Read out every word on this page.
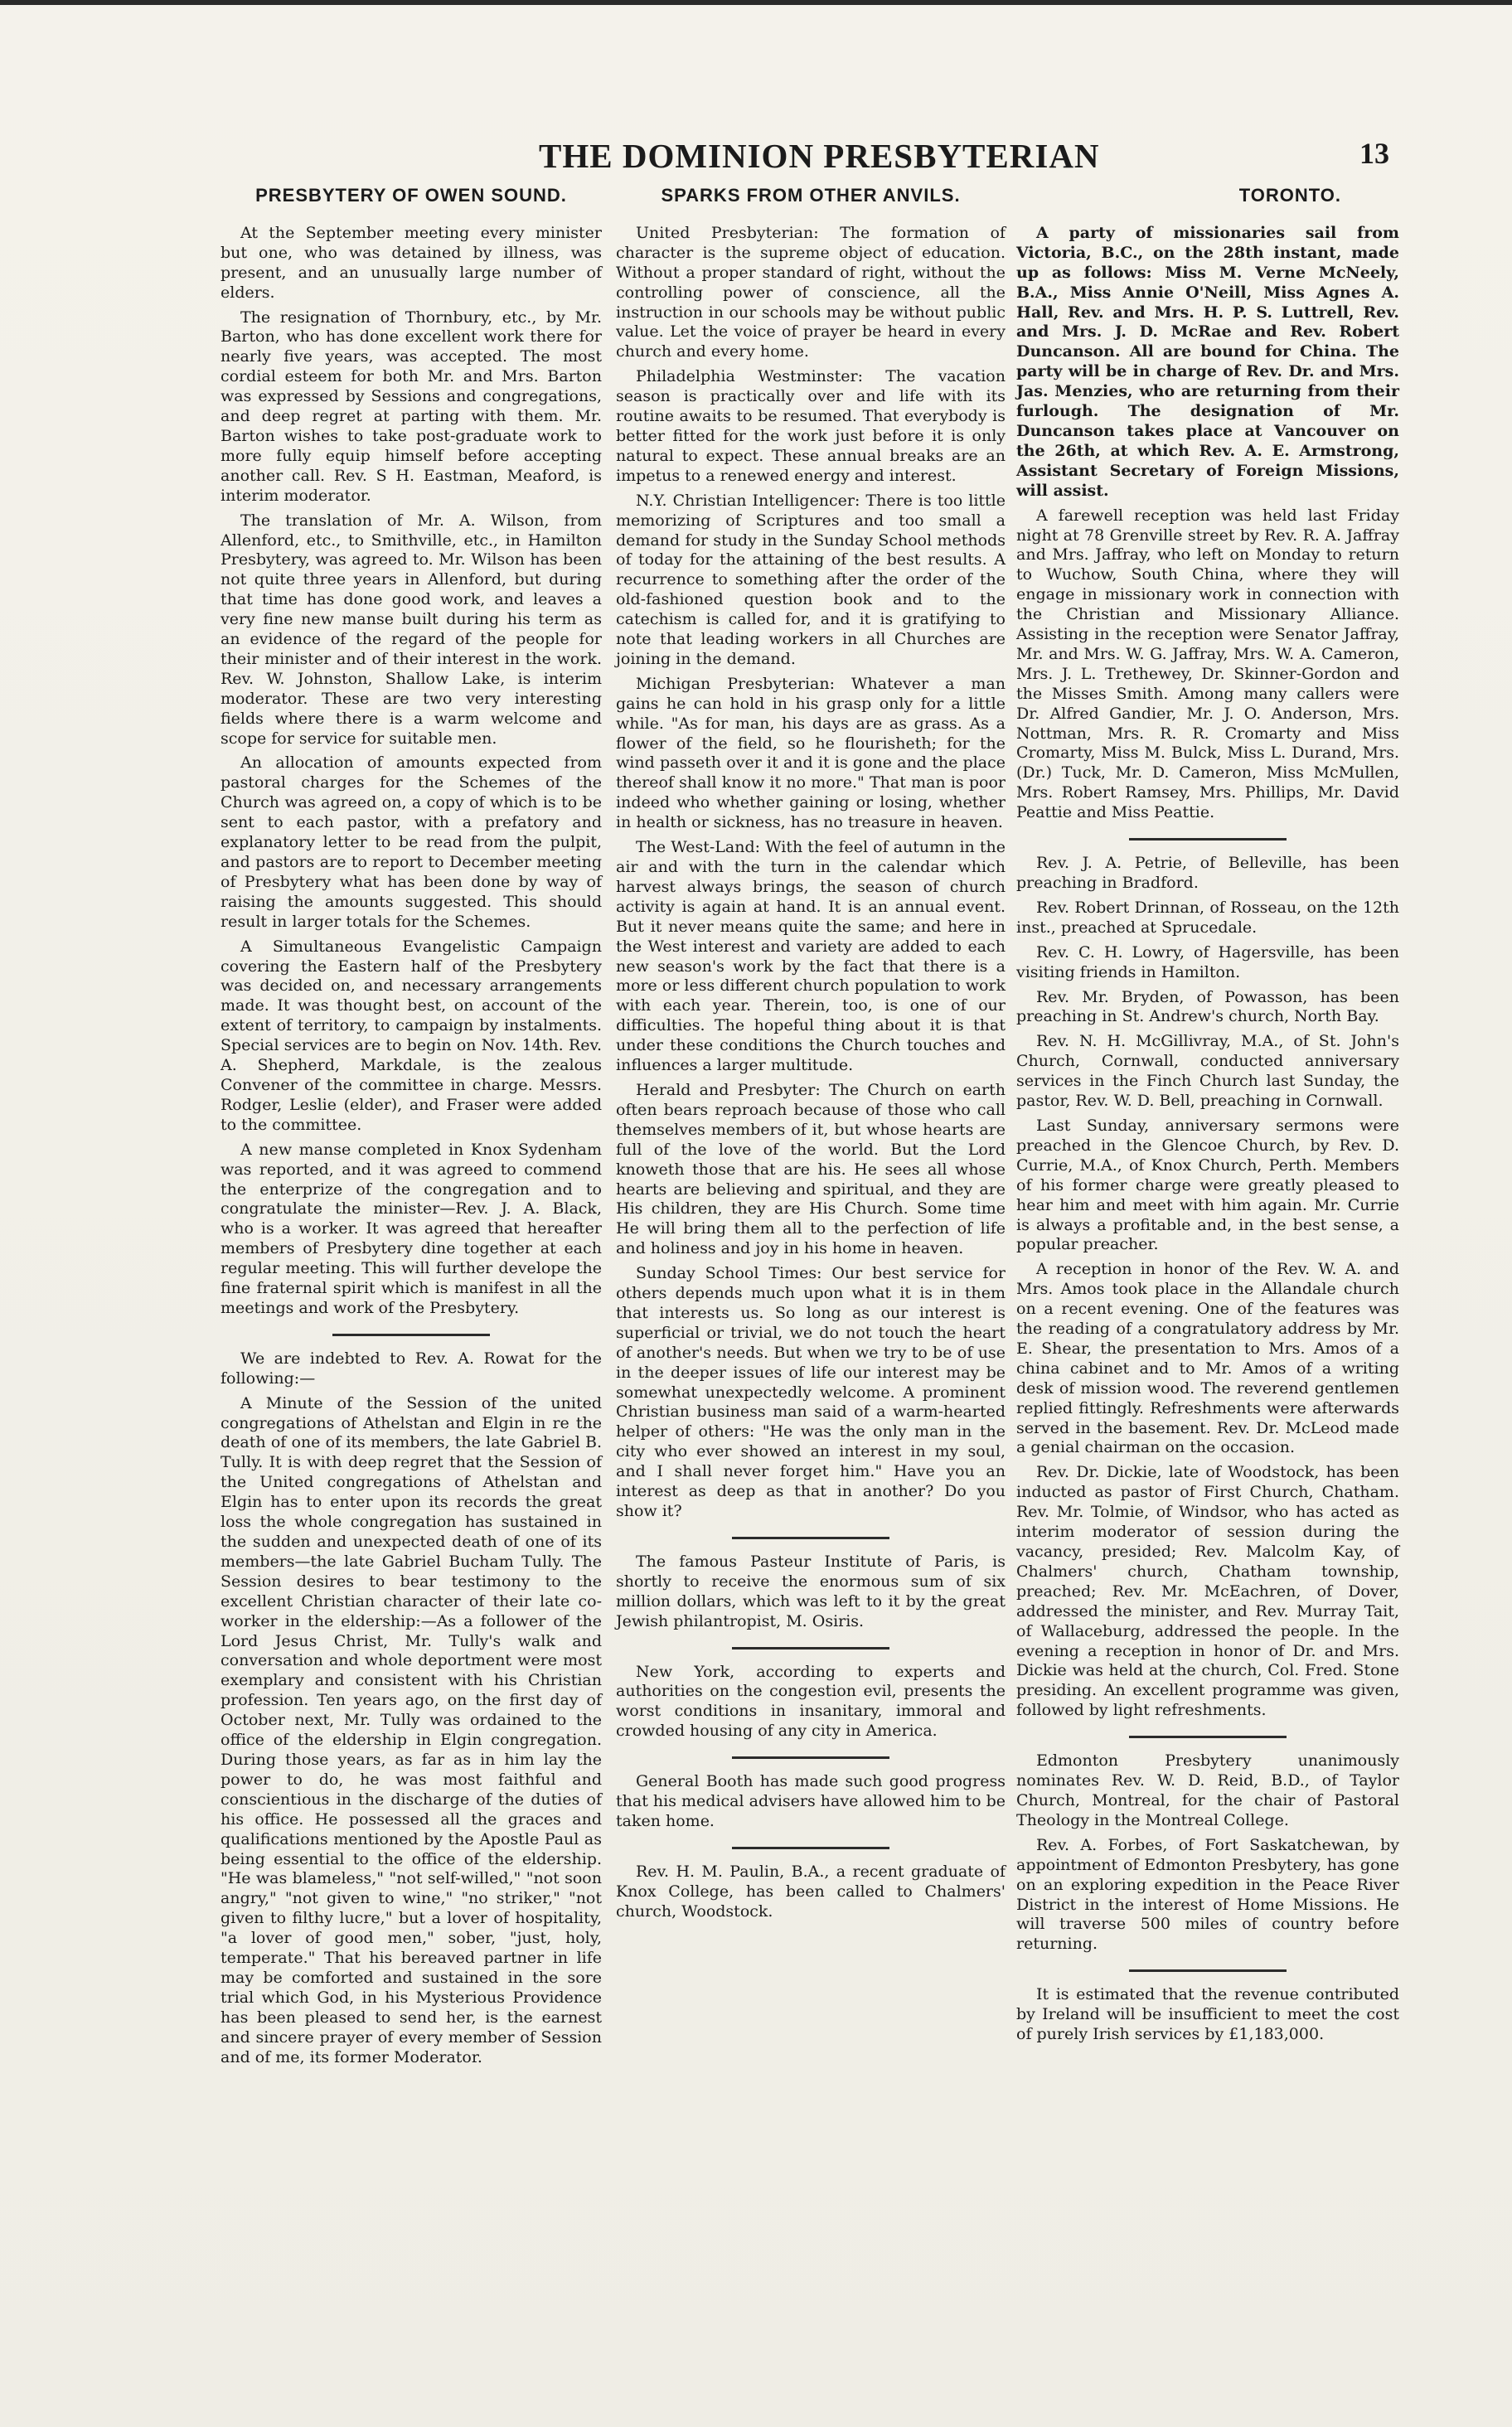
THE DOMINION PRESBYTERIAN	13
PRESBYTERY OF OWEN SOUND.

At the September meeting every minister but one, who was detained by illness, was present, and an unusually large number of elders.

The resignation of Thornbury, etc., by Mr. Barton, who has done excellent work there for nearly five years, was accepted. The most cordial esteem for both Mr. and Mrs. Barton was expressed by Sessions and congregations, and deep regret at parting with them. Mr. Barton wishes to take post-graduate work to more fully equip himself before accepting another call. Rev. S H. Eastman, Meaford, is interim moderator.

The translation of Mr. A. Wilson, from Allenford, etc., to Smithville, etc., in Hamilton Presbytery, was agreed to. Mr. Wilson has been not quite three years in Allenford, but during that time has done good work, and leaves a very fine new manse built during his term as an evidence of the regard of the people for their minister and of their interest in the work. Rev. W. Johnston, Shallow Lake, is interim moderator. These are two very interesting fields where there is a warm welcome and scope for service for suitable men.

An allocation of amounts expected from pastoral charges for the Schemes of the Church was agreed on, a copy of which is to be sent to each pastor, with a prefatory and explanatory letter to be read from the pulpit, and pastors are to report to December meeting of Presbytery what has been done by way of raising the amounts suggested. This should result in larger totals for the Schemes.

A Simultaneous Evangelistic Campaign covering the Eastern half of the Presbytery was decided on, and necessary arrangements made. It was thought best, on account of the extent of territory, to campaign by instalments. Special services are to begin on Nov. 14th. Rev. A. Shepherd, Markdale, is the zealous Convener of the committee in charge. Messrs. Rodger, Leslie (elder), and Fraser were added to the committee.

A new manse completed in Knox Sydenham was reported, and it was agreed to commend the enterprize of the congregation and to congratulate the minister—Rev. J. A. Black, who is a worker. It was agreed that hereafter members of Presbytery dine together at each regular meeting. This will further develope the fine fraternal spirit which is manifest in all the meetings and work of the Presbytery.

We are indebted to Rev. A. Rowat for the following:—

A Minute of the Session of the united congregations of Athelstan and Elgin in re the death of one of its members, the late Gabriel B. Tully. It is with deep regret that the Session of the United congregations of Athelstan and Elgin has to enter upon its records the great loss the whole congregation has sustained in the sudden and unexpected death of one of its members—the late Gabriel Bucham Tully. The Session desires to bear testimony to the excellent Christian character of their late co-worker in the eldership:—As a follower of the Lord Jesus Christ, Mr. Tully's walk and conversation and whole deportment were most exemplary and consistent with his Christian profession. Ten years ago, on the first day of October next, Mr. Tully was ordained to the office of the eldership in Elgin congregation. During those years, as far as in him lay the power to do, he was most faithful and conscientious in the discharge of the duties of his office. He possessed all the graces and qualifications mentioned by the Apostle Paul as being essential to the office of the eldership. "He was blameless," "not self-willed," "not soon angry," "not given to wine," "no striker," "not given to filthy lucre," but a lover of hospitality, "a lover of good men," sober, "just, holy, temperate." That his bereaved partner in life may be comforted and sustained in the sore trial which God, in his Mysterious Providence has been pleased to send her, is the earnest and sincere prayer of every member of Session and of me, its former Moderator.

SPARKS FROM OTHER ANVILS.

United Presbyterian: The formation of character is the supreme object of education. Without a proper standard of right, without the controlling power of conscience, all the instruction in our schools may be without public value. Let the voice of prayer be heard in every church and every home.

Philadelphia Westminster: The vacation season is practically over and life with its routine awaits to be resumed. That everybody is better fitted for the work just before it is only natural to expect. These annual breaks are an impetus to a renewed energy and interest.

N.Y. Christian Intelligencer: There is too little memorizing of Scriptures and too small a demand for study in the Sunday School methods of today for the attaining of the best results. A recurrence to something after the order of the old-fashioned question book and to the catechism is called for, and it is gratifying to note that leading workers in all Churches are joining in the demand.

Michigan Presbyterian: Whatever a man gains he can hold in his grasp only for a little while. "As for man, his days are as grass. As a flower of the field, so he flourisheth; for the wind passeth over it and it is gone and the place thereof shall know it no more." That man is poor indeed who whether gaining or losing, whether in health or sickness, has no treasure in heaven.

The West-Land: With the feel of autumn in the air and with the turn in the calendar which harvest always brings, the season of church activity is again at hand. It is an annual event. But it never means quite the same; and here in the West interest and variety are added to each new season's work by the fact that there is a more or less different church population to work with each year. Therein, too, is one of our difficulties. The hopeful thing about it is that under these conditions the Church touches and influences a larger multitude.

Herald and Presbyter: The Church on earth often bears reproach because of those who call themselves members of it, but whose hearts are full of the love of the world. But the Lord knoweth those that are his. He sees all whose hearts are believing and spiritual, and they are His children, they are His Church. Some time He will bring them all to the perfection of life and holiness and joy in his home in heaven.

Sunday School Times: Our best service for others depends much upon what it is in them that interests us. So long as our interest is superficial or trivial, we do not touch the heart of another's needs. But when we try to be of use in the deeper issues of life our interest may be somewhat unexpectedly welcome. A prominent Christian business man said of a warm-hearted helper of others: "He was the only man in the city who ever showed an interest in my soul, and I shall never forget him." Have you an interest as deep as that in another? Do you show it?

The famous Pasteur Institute of Paris, is shortly to receive the enormous sum of six million dollars, which was left to it by the great Jewish philantropist, M. Osiris.

New York, according to experts and authorities on the congestion evil, presents the worst conditions in insanitary, immoral and crowded housing of any city in America.

General Booth has made such good progress that his medical advisers have allowed him to be taken home.

Rev. H. M. Paulin, B.A., a recent graduate of Knox College, has been called to Chalmers' church, Woodstock.

TORONTO.

A party of missionaries sail from Victoria, B.C., on the 28th instant, made up as follows: Miss M. Verne McNeely, B.A., Miss Annie O'Neill, Miss Agnes A. Hall, Rev. and Mrs. H. P. S. Luttrell, Rev. and Mrs. J. D. McRae and Rev. Robert Duncanson. All are bound for China. The party will be in charge of Rev. Dr. and Mrs. Jas. Menzies, who are returning from their furlough. The designation of Mr. Duncanson takes place at Vancouver on the 26th, at which Rev. A. E. Armstrong, Assistant Secretary of Foreign Missions, will assist.

A farewell reception was held last Friday night at 78 Grenville street by Rev. R. A. Jaffray and Mrs. Jaffray, who left on Monday to return to Wuchow, South China, where they will engage in missionary work in connection with the Christian and Missionary Alliance. Assisting in the reception were Senator Jaffray, Mr. and Mrs. W. G. Jaffray, Mrs. W. A. Cameron, Mrs. J. L. Trethewey, Dr. Skinner-Gordon and the Misses Smith. Among many callers were Dr. Alfred Gandier, Mr. J. O. Anderson, Mrs. Nottman, Mrs. R. R. Cromarty and Miss Cromarty, Miss M. Bulck, Miss L. Durand, Mrs. (Dr.) Tuck, Mr. D. Cameron, Miss McMullen, Mrs. Robert Ramsey, Mrs. Phillips, Mr. David Peattie and Miss Peattie.

Rev. J. A. Petrie, of Belleville, has been preaching in Bradford.

Rev. Robert Drinnan, of Rosseau, on the 12th inst., preached at Sprucedale.

Rev. C. H. Lowry, of Hagersville, has been visiting friends in Hamilton.

Rev. Mr. Bryden, of Powasson, has been preaching in St. Andrew's church, North Bay.

Rev. N. H. McGillivray, M.A., of St. John's Church, Cornwall, conducted anniversary services in the Finch Church last Sunday, the pastor, Rev. W. D. Bell, preaching in Cornwall.

Last Sunday, anniversary sermons were preached in the Glencoe Church, by Rev. D. Currie, M.A., of Knox Church, Perth. Members of his former charge were greatly pleased to hear him and meet with him again. Mr. Currie is always a profitable and, in the best sense, a popular preacher.

A reception in honor of the Rev. W. A. and Mrs. Amos took place in the Allandale church on a recent evening. One of the features was the reading of a congratulatory address by Mr. E. Shear, the presentation to Mrs. Amos of a china cabinet and to Mr. Amos of a writing desk of mission wood. The reverend gentlemen replied fittingly. Refreshments were afterwards served in the basement. Rev. Dr. McLeod made a genial chairman on the occasion.

Rev. Dr. Dickie, late of Woodstock, has been inducted as pastor of First Church, Chatham. Rev. Mr. Tolmie, of Windsor, who has acted as interim moderator of session during the vacancy, presided; Rev. Malcolm Kay, of Chalmers' church, Chatham township, preached; Rev. Mr. McEachren, of Dover, addressed the minister, and Rev. Murray Tait, of Wallaceburg, addressed the people. In the evening a reception in honor of Dr. and Mrs. Dickie was held at the church, Col. Fred. Stone presiding. An excellent programme was given, followed by light refreshments.

Edmonton Presbytery unanimously nominates Rev. W. D. Reid, B.D., of Taylor Church, Montreal, for the chair of Pastoral Theology in the Montreal College.

Rev. A. Forbes, of Fort Saskatchewan, by appointment of Edmonton Presbytery, has gone on an exploring expedition in the Peace River District in the interest of Home Missions. He will traverse 500 miles of country before returning.

It is estimated that the revenue contributed by Ireland will be insufficient to meet the cost of purely Irish services by £1,183,000.
